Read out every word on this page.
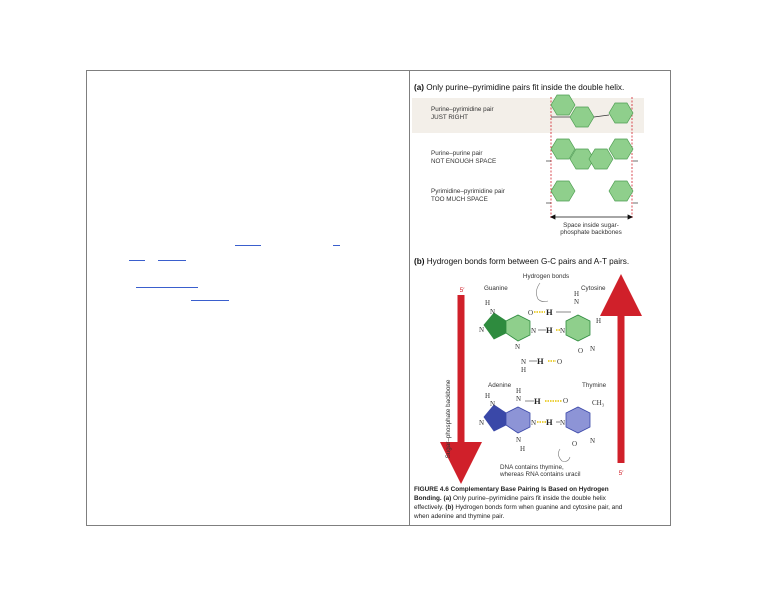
(a) Only purine–pyrimidine pairs fit inside the double helix.
Purine–pyrimidine pair
JUST RIGHT
Purine–purine pair
NOT ENOUGH SPACE
Pyrimidine–pyrimidine pair
TOO MUCH SPACE
Space inside sugar-
phosphate backbones
(b) Hydrogen bonds form between G-C pairs and A-T pairs.
Hydrogen bonds
5′	3′
3′	5′
Sugar–phosphate backbone
Guanine	Cytosine
H
N
N
O
N
N
N
H
H
N
N
O N
H
H
H
H O
Adenine	Thymine
H
N
N
H
N
N
N
H
O	CH₃
N
O N
H
H
DNA contains thymine,
whereas RNA contains uracil
FIGURE 4.6 Complementary Base Pairing Is Based on Hydrogen
Bonding. (a) Only purine–pyrimidine pairs fit inside the double helix
effectively. (b) Hydrogen bonds form when guanine and cytosine pair, and
when adenine and thymine pair.
